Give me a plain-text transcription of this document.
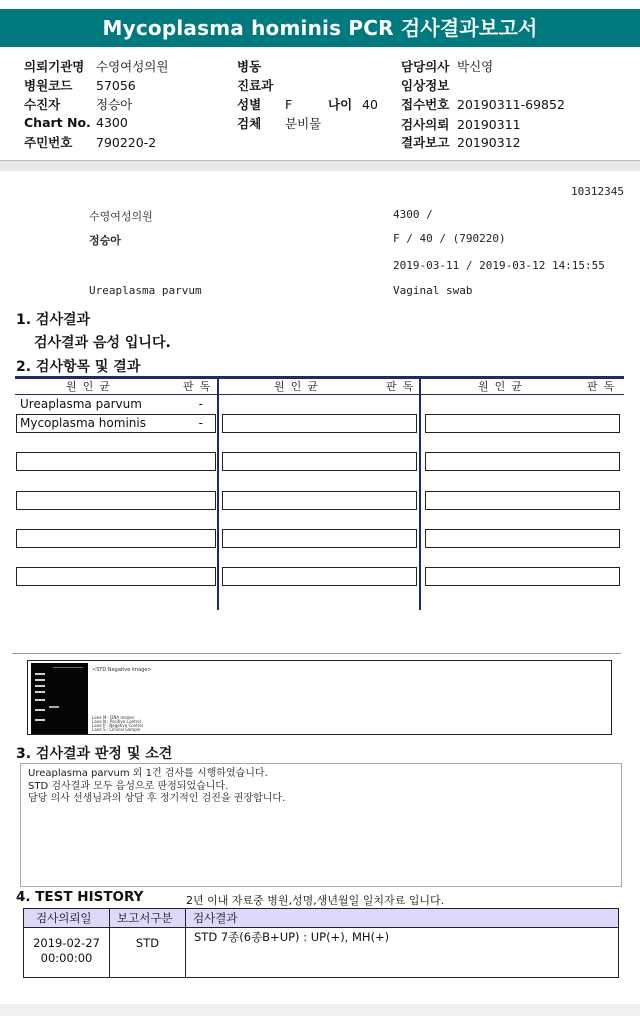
Mycoplasma hominis PCR 검사결과보고서
의뢰기관명 수영여성의원
병원코드 57056
수진자	정승아
Chart No. 4300
주민번호 790220-2
병동
진료과
성별 F	나이 40
검체 분비물
담당의사 박신영
임상정보
접수번호 20190311-69852
검사의뢰 20190311
결과보고 20190312
10312345
수영여성의원	4300 /
정승아	F / 40 / (790220)
2019-03-11 / 2019-03-12 14:15:55
Ureaplasma parvum	Vaginal swab
1. 검사결과
검사결과 음성 입니다.
2. 검사항목 및 결과
원인균	판독	원인균	판독	원인균	판독
Ureaplasma parvum	-
Mycoplasma hominis	-
<STD Negative image>
Lane M : DNA marker
Lane N : Positive Control
Lane P : Negative Control
Lane S : Clinical Sample
3. 검사결과 판정 및 소견
Ureaplasma parvum 외 1건 검사를 시행하였습니다.
STD 검사결과 모두 음성으로 판정되었습니다.
담당 의사 선생님과의 상담 후 정기적인 검진을 권장합니다.
4. TEST HISTORY	2년 이내 자료중 병원,성명,생년월일 일치자료 입니다.
검사의뢰일 보고서구분 검사결과
2019-02-27
00:00:00
STD	STD 7종(6종B+UP) : UP(+), MH(+)
